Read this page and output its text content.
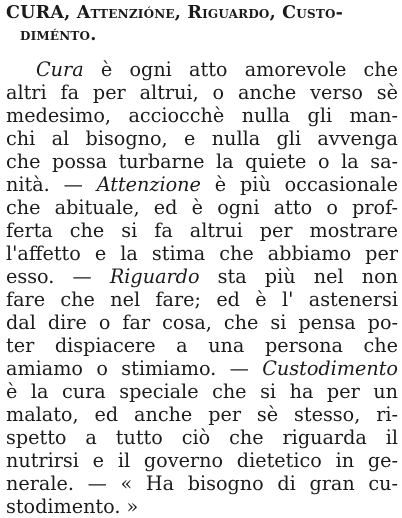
CURA, Attenzióne, Riguardo, Custo-
diménto.
Cura è ogni atto amorevole che
altri fa per altrui, o anche verso sè
medesimo, acciocchè nulla gli man-
chi al bisogno, e nulla gli avvenga
che possa turbarne la quiete o la sa-
nità. — Attenzione è più occasionale
che abituale, ed è ogni atto o prof-
ferta che si fa altrui per mostrare
l'affetto e la stima che abbiamo per
esso. — Riguardo sta più nel non
fare che nel fare; ed è l' astenersi
dal dire o far cosa, che si pensa po-
ter dispiacere a una persona che
amiamo o stimiamo. — Custodimento
è la cura speciale che si ha per un
malato, ed anche per sè stesso, ri-
spetto a tutto ciò che riguarda il
nutrirsi e il governo dietetico in ge-
nerale. — « Ha bisogno di gran cu-
stodimento. »
